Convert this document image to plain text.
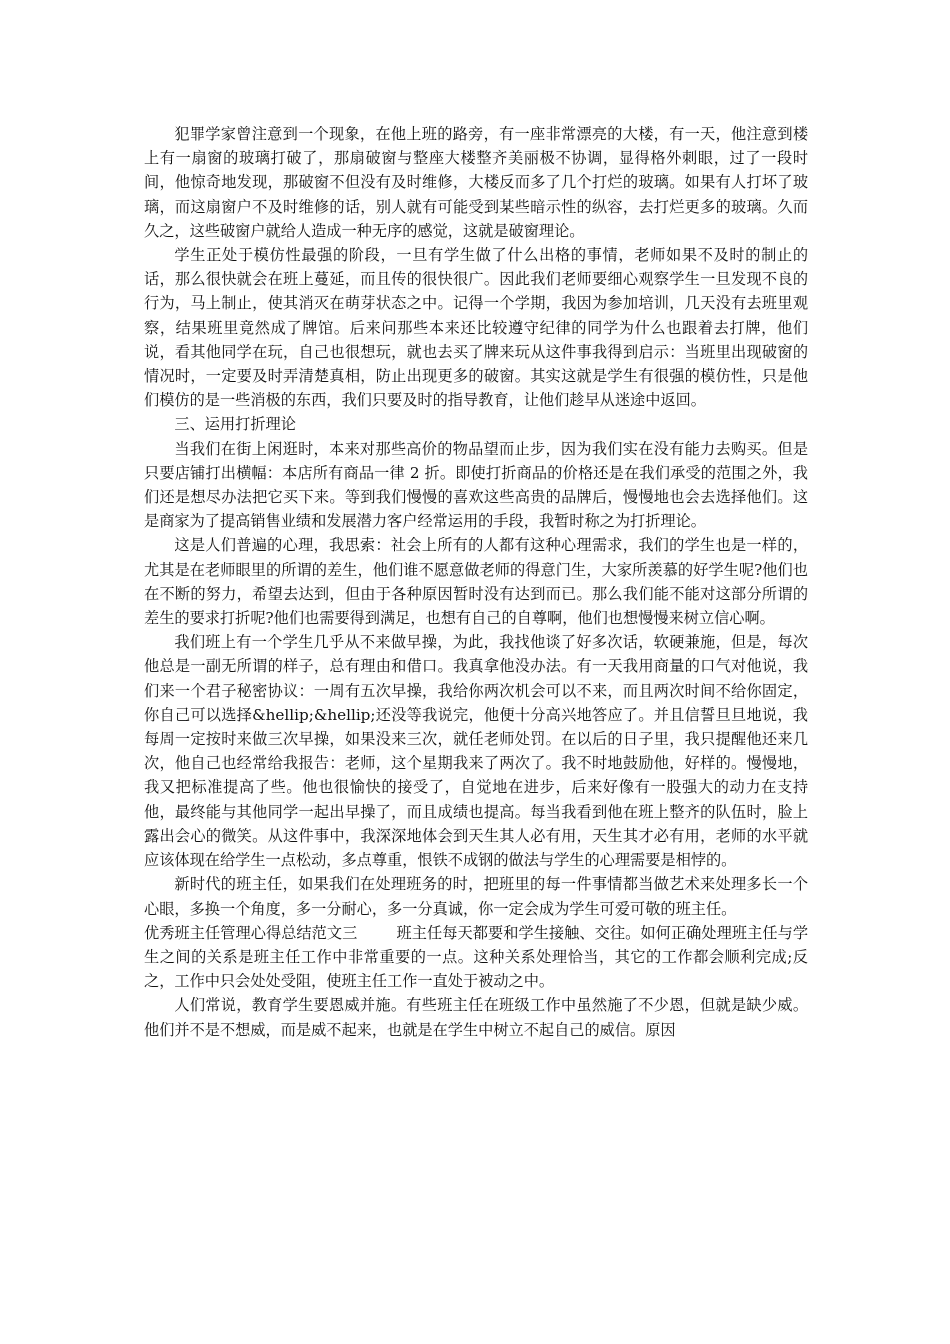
犯罪学家曾注意到一个现象，在他上班的路旁，有一座非常漂亮的大楼，有一天，他注意到楼上有一扇窗的玻璃打破了，那扇破窗与整座大楼整齐美丽极不协调，显得格外刺眼，过了一段时间，他惊奇地发现，那破窗不但没有及时维修，大楼反而多了几个打烂的玻璃。如果有人打坏了玻璃，而这扇窗户不及时维修的话，别人就有可能受到某些暗示性的纵容，去打烂更多的玻璃。久而久之，这些破窗户就给人造成一种无序的感觉，这就是破窗理论。

学生正处于模仿性最强的阶段，一旦有学生做了什么出格的事情，老师如果不及时的制止的话，那么很快就会在班上蔓延，而且传的很快很广。因此我们老师要细心观察学生一旦发现不良的行为，马上制止，使其消灭在萌芽状态之中。记得一个学期，我因为参加培训，几天没有去班里观察，结果班里竟然成了牌馆。后来问那些本来还比较遵守纪律的同学为什么也跟着去打牌，他们说，看其他同学在玩，自己也很想玩，就也去买了牌来玩从这件事我得到启示：当班里出现破窗的情况时，一定要及时弄清楚真相，防止出现更多的破窗。其实这就是学生有很强的模仿性，只是他们模仿的是一些消极的东西，我们只要及时的指导教育，让他们趁早从迷途中返回。

三、运用打折理论

当我们在街上闲逛时，本来对那些高价的物品望而止步，因为我们实在没有能力去购买。但是只要店铺打出横幅：本店所有商品一律 2 折。即使打折商品的价格还是在我们承受的范围之外，我们还是想尽办法把它买下来。等到我们慢慢的喜欢这些高贵的品牌后，慢慢地也会去选择他们。这是商家为了提高销售业绩和发展潜力客户经常运用的手段，我暂时称之为打折理论。

这是人们普遍的心理，我思索：社会上所有的人都有这种心理需求，我们的学生也是一样的，尤其是在老师眼里的所谓的差生，他们谁不愿意做老师的得意门生，大家所羡慕的好学生呢?他们也在不断的努力，希望去达到，但由于各种原因暂时没有达到而已。那么我们能不能对这部分所谓的差生的要求打折呢?他们也需要得到满足，也想有自己的自尊啊，他们也想慢慢来树立信心啊。

我们班上有一个学生几乎从不来做早操，为此，我找他谈了好多次话，软硬兼施，但是，每次他总是一副无所谓的样子，总有理由和借口。我真拿他没办法。有一天我用商量的口气对他说，我们来一个君子秘密协议：一周有五次早操，我给你两次机会可以不来，而且两次时间不给你固定，你自己可以选择&hellip;&hellip;还没等我说完，他便十分高兴地答应了。并且信誓旦旦地说，我每周一定按时来做三次早操，如果没来三次，就任老师处罚。在以后的日子里，我只提醒他还来几次，他自己也经常给我报告：老师，这个星期我来了两次了。我不时地鼓励他，好样的。慢慢地，我又把标准提高了些。他也很愉快的接受了，自觉地在进步，后来好像有一股强大的动力在支持他，最终能与其他同学一起出早操了，而且成绩也提高。每当我看到他在班上整齐的队伍时，脸上露出会心的微笑。从这件事中，我深深地体会到天生其人必有用，天生其才必有用，老师的水平就应该体现在给学生一点松动，多点尊重，恨铁不成钢的做法与学生的心理需要是相悖的。

新时代的班主任，如果我们在处理班务的时，把班里的每一件事情都当做艺术来处理多长一个心眼，多换一个角度，多一分耐心，多一分真诚，你一定会成为学生可爱可敬的班主任。

优秀班主任管理心得总结范文三	班主任每天都要和学生接触、交往。如何正确处理班主任与学生之间的关系是班主任工作中非常重要的一点。这种关系处理恰当，其它的工作都会顺利完成;反之，工作中只会处处受阻，使班主任工作一直处于被动之中。

人们常说，教育学生要恩威并施。有些班主任在班级工作中虽然施了不少恩，但就是缺少威。他们并不是不想威，而是威不起来，也就是在学生中树立不起自己的威信。原因
